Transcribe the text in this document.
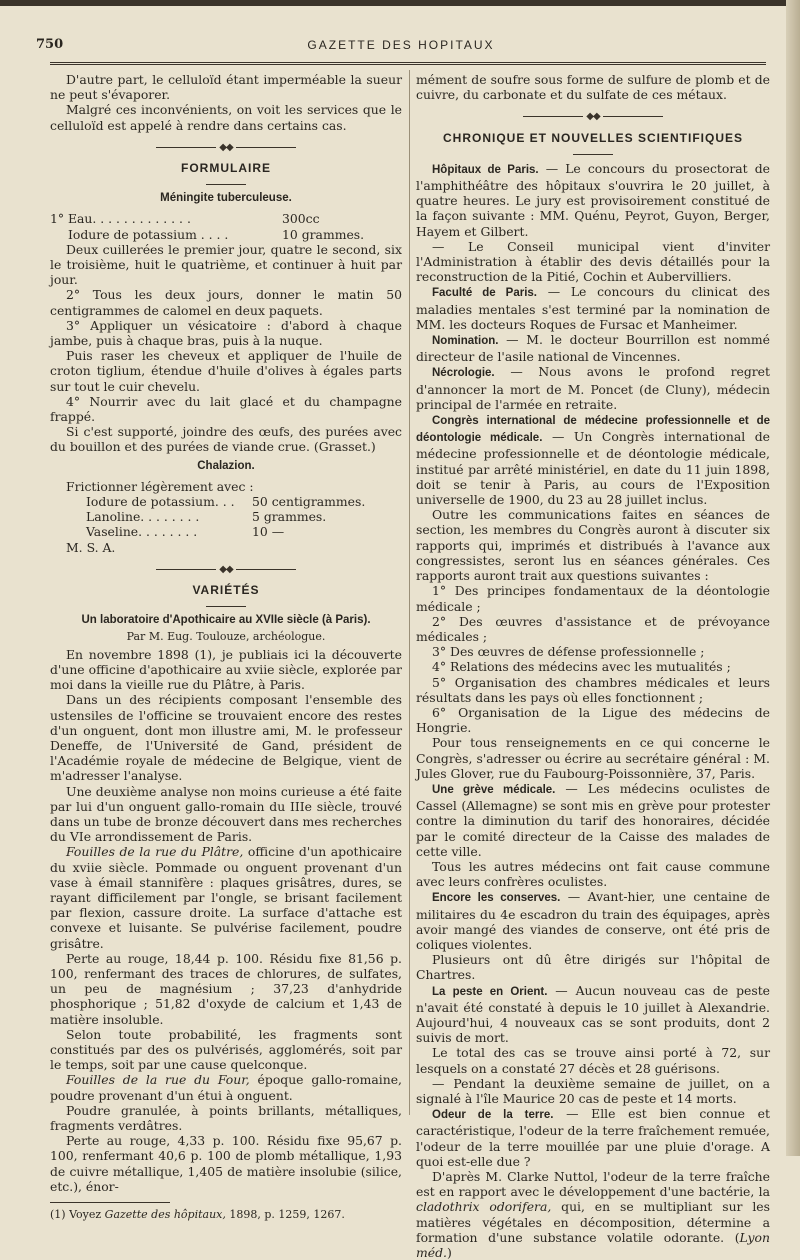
750	GAZETTE DES HOPITAUX

D'autre part, le celluloïd étant imperméable la sueur ne peut s'évaporer.

Malgré ces inconvénients, on voit les services que le celluloïd est appelé à rendre dans certains cas.

◆◆
FORMULAIRE
Méningite tuberculeuse.
1° Eau. . . . . . . . . . . . .	300cc
Iodure de potassium . . . .	10 grammes.

Deux cuillerées le premier jour, quatre le second, six le troisième, huit le quatrième, et continuer à huit par jour.

2° Tous les deux jours, donner le matin 50 centigrammes de calomel en deux paquets.

3° Appliquer un vésicatoire : d'abord à chaque jambe, puis à chaque bras, puis à la nuque.

Puis raser les cheveux et appliquer de l'huile de croton tiglium, étendue d'huile d'olives à égales parts sur tout le cuir chevelu.

4° Nourrir avec du lait glacé et du champagne frappé.

Si c'est supporté, joindre des œufs, des purées avec du bouillon et des purées de viande crue. (Grasset.)

Chalazion.

Frictionner légèrement avec :

Iodure de potassium. . .	50 centigrammes.
Lanoline. . . . . . . .	5 grammes.
Vaseline. . . . . . . .	10 —

M. S. A.

◆◆
VARIÉTÉS
Un laboratoire d'Apothicaire au XVIIe siècle (à Paris).
Par M. Eug. Toulouze, archéologue.

En novembre 1898 (1), je publiais ici la découverte d'une officine d'apothicaire au xviie siècle, explorée par moi dans la vieille rue du Plâtre, à Paris.

Dans un des récipients composant l'ensemble des ustensiles de l'officine se trouvaient encore des restes d'un onguent, dont mon illustre ami, M. le professeur Deneffe, de l'Université de Gand, président de l'Académie royale de médecine de Belgique, vient de m'adresser l'analyse.

Une deuxième analyse non moins curieuse a été faite par lui d'un onguent gallo-romain du IIIe siècle, trouvé dans un tube de bronze découvert dans mes recherches du VIe arrondissement de Paris.

Fouilles de la rue du Plâtre, officine d'un apothicaire du xviie siècle. Pommade ou onguent provenant d'un vase à émail stannifère : plaques grisâtres, dures, se rayant difficilement par l'ongle, se brisant facilement par flexion, cassure droite. La surface d'attache est convexe et luisante. Se pulvérise facilement, poudre grisâtre.

Perte au rouge, 18,44 p. 100. Résidu fixe 81,56 p. 100, renfermant des traces de chlorures, de sulfates, un peu de magnésium ; 37,23 d'anhydride phosphorique ; 51,82 d'oxyde de calcium et 1,43 de matière insoluble.

Selon toute probabilité, les fragments sont constitués par des os pulvérisés, agglomérés, soit par le temps, soit par une cause quelconque.

Fouilles de la rue du Four, époque gallo-romaine, poudre provenant d'un étui à onguent.

Poudre granulée, à points brillants, métalliques, fragments verdâtres.

Perte au rouge, 4,33 p. 100. Résidu fixe 95,67 p. 100, renfermant 40,6 p. 100 de plomb métallique, 1,93 de cuivre métallique, 1,405 de matière insolubie (silice, etc.), énor-

(1) Voyez Gazette des hôpitaux, 1898, p. 1259, 1267.

mément de soufre sous forme de sulfure de plomb et de cuivre, du carbonate et du sulfate de ces métaux.

◆◆
CHRONIQUE ET NOUVELLES SCIENTIFIQUES

Hôpitaux de Paris. — Le concours du prosectorat de l'amphithéâtre des hôpitaux s'ouvrira le 20 juillet, à quatre heures. Le jury est provisoirement constitué de la façon suivante : MM. Quénu, Peyrot, Guyon, Berger, Hayem et Gilbert.

— Le Conseil municipal vient d'inviter l'Administration à établir des devis détaillés pour la reconstruction de la Pitié, Cochin et Aubervilliers.

Faculté de Paris. — Le concours du clinicat des maladies mentales s'est terminé par la nomination de MM. les docteurs Roques de Fursac et Manheimer.

Nomination. — M. le docteur Bourrillon est nommé directeur de l'asile national de Vincennes.

Nécrologie. — Nous avons le profond regret d'annoncer la mort de M. Poncet (de Cluny), médecin principal de l'armée en retraite.

Congrès international de médecine professionnelle et de déontologie médicale. — Un Congrès international de médecine professionnelle et de déontologie médicale, institué par arrêté ministériel, en date du 11 juin 1898, doit se tenir à Paris, au cours de l'Exposition universelle de 1900, du 23 au 28 juillet inclus.

Outre les communications faites en séances de section, les membres du Congrès auront à discuter six rapports qui, imprimés et distribués à l'avance aux congressistes, seront lus en séances générales. Ces rapports auront trait aux questions suivantes :

1° Des principes fondamentaux de la déontologie médicale ;

2° Des œuvres d'assistance et de prévoyance médicales ;

3° Des œuvres de défense professionnelle ;

4° Relations des médecins avec les mutualités ;

5° Organisation des chambres médicales et leurs résultats dans les pays où elles fonctionnent ;

6° Organisation de la Ligue des médecins de Hongrie.

Pour tous renseignements en ce qui concerne le Congrès, s'adresser ou écrire au secrétaire général : M. Jules Glover, rue du Faubourg-Poissonnière, 37, Paris.

Une grève médicale. — Les médecins oculistes de Cassel (Allemagne) se sont mis en grève pour protester contre la diminution du tarif des honoraires, décidée par le comité directeur de la Caisse des malades de cette ville.

Tous les autres médecins ont fait cause commune avec leurs confrères oculistes.

Encore les conserves. — Avant-hier, une centaine de militaires du 4e escadron du train des équipages, après avoir mangé des viandes de conserve, ont été pris de coliques violentes.

Plusieurs ont dû être dirigés sur l'hôpital de Chartres.

La peste en Orient. — Aucun nouveau cas de peste n'avait été constaté à depuis le 10 juillet à Alexandrie. Aujourd'hui, 4 nouveaux cas se sont produits, dont 2 suivis de mort.

Le total des cas se trouve ainsi porté à 72, sur lesquels on a constaté 27 décès et 28 guérisons.

— Pendant la deuxième semaine de juillet, on a signalé à l'île Maurice 20 cas de peste et 14 morts.

Odeur de la terre. — Elle est bien connue et caractéristique, l'odeur de la terre fraîchement remuée, l'odeur de la terre mouillée par une pluie d'orage. A quoi est-elle due ?

D'après M. Clarke Nuttol, l'odeur de la terre fraîche est en rapport avec le développement d'une bactérie, la cladothrix odorifera, qui, en se multipliant sur les matières végétales en décomposition, détermine a formation d'une substance volatile odorante. (Lyon méd.)
